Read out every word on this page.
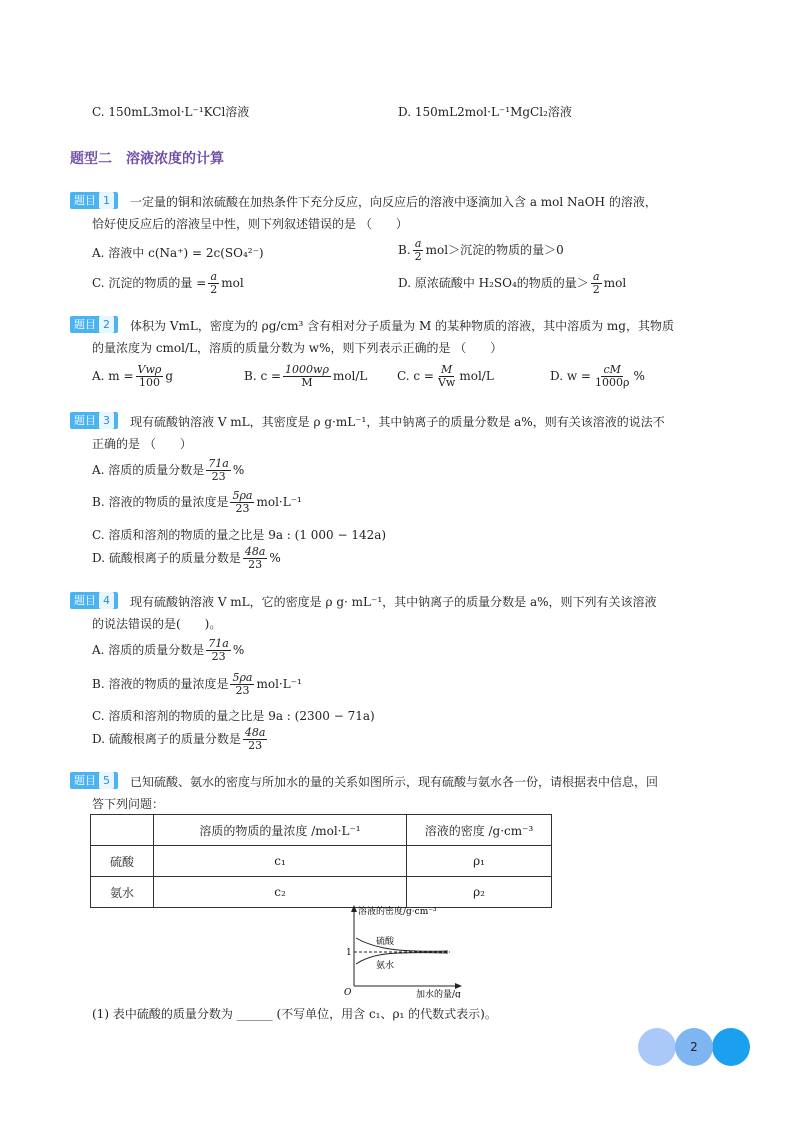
C. 150mL3mol·L⁻¹KCl溶液	D. 150mL2mol·L⁻¹MgCl₂溶液
题型二　溶液浓度的计算
题目 1	一定量的铜和浓硫酸在加热条件下充分反应，向反应后的溶液中逐滴加入含 a mol NaOH 的溶液，
恰好使反应后的溶液呈中性，则下列叙述错误的是 （　　）
A. 溶液中 c(Na⁺) = 2c(SO₄²⁻)	B. $\frac{a}{2} mol>$沉淀的物质的量＞0
C. 沉淀的物质的量 = $\frac{a}{2}$ mol	D. 原浓硫酸中 H₂SO₄的物质的量＞ $\frac{a}{2}$ mol
题目 2	体积为 VmL，密度为的 ρg/cm³ 含有相对分子质量为 M 的某种物质的溶液，其中溶质为 mg，其物质
的量浓度为 cmol/L，溶质的质量分数为 w%，则下列表示正确的是 （　　）
A. $m = \frac{\text{Vwρ}}{100}$ g	B. $c = \frac{1000w\rho}{M} mol/L$ C. $c = \frac{M}{Vw} mol/L$	D. $w = \frac{cM}{1000\rho}$ %
题目 3	现有硫酸钠溶液 V mL，其密度是 ρ g·mL⁻¹，其中钠离子的质量分数是 a%，则有关该溶液的说法不
正确的是 （　　）
A. 溶质的质量分数是 $\frac{71a}{23}$ %
B. 溶液的物质的量浓度是 $\frac{5\rho a}{23} mol\cdot L^{-1}$
C. 溶质和溶剂的物质的量之比是 9a : (1 000 − 142a)
D. 硫酸根离子的质量分数是 $\frac{48a}{23}$ %
题目 4	现有硫酸钠溶液 V mL，它的密度是 ρ g· mL⁻¹，其中钠离子的质量分数是 a%，则下列有关该溶液
的说法错误的是(　　)。
A. 溶质的质量分数是 $\frac{71a}{23}$ %
B. 溶液的物质的量浓度是 $\frac{5\rho a}{23} mol\cdot L^{-1}$
C. 溶质和溶剂的物质的量之比是 9a : (2300 − 71a)
D. 硫酸根离子的质量分数是 $\frac{48a}{23}$
题目 5	已知硫酸、氨水的密度与所加水的量的关系如图所示，现有硫酸与氨水各一份，请根据表中信息，回
答下列问题：
	溶质的物质的量浓度 /mol·L⁻¹	溶液的密度 /g·cm⁻³
硫酸	c₁	ρ₁
氨水	c₂	ρ₂
溶液的密度/g·cm⁻³
1
硫酸
氨水
O	加水的量/g
(1) 表中硫酸的质量分数为 ______ (不写单位，用含 c₁、ρ₁ 的代数式表示)。
2
